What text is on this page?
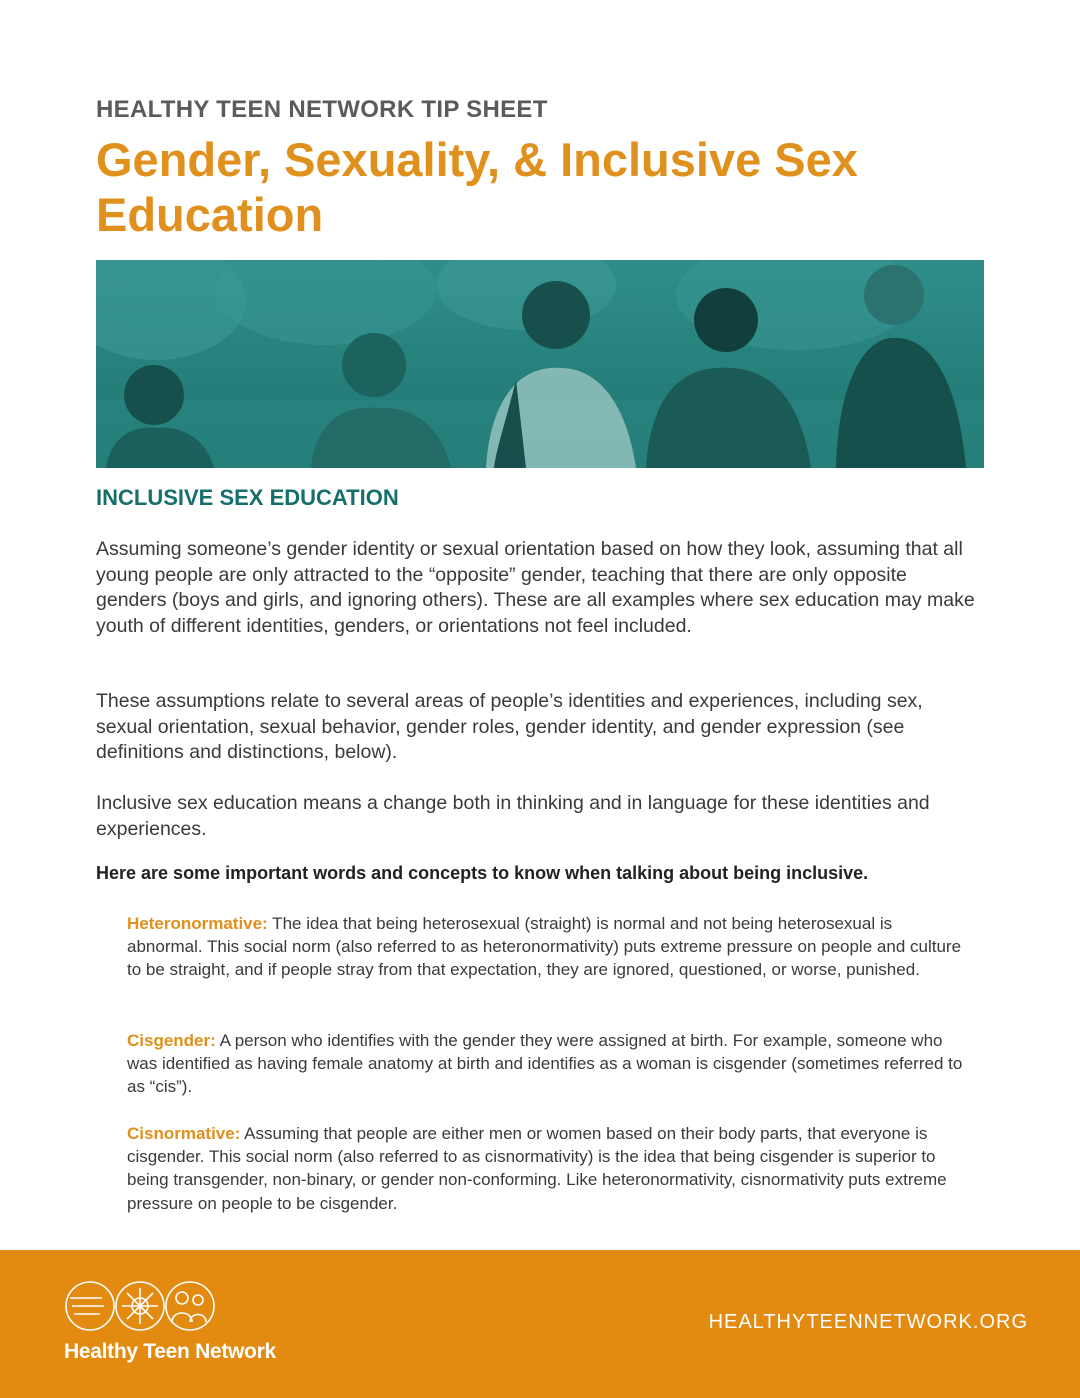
HEALTHY TEEN NETWORK TIP SHEET
Gender, Sexuality, & Inclusive Sex Education
INCLUSIVE SEX EDUCATION

Assuming someone’s gender identity or sexual orientation based on how they look, assuming that all young people are only attracted to the “opposite” gender, teaching that there are only opposite genders (boys and girls, and ignoring others). These are all examples where sex education may make youth of different identities, genders, or orientations not feel included.

These assumptions relate to several areas of people’s identities and experiences, including sex, sexual orientation, sexual behavior, gender roles, gender identity, and gender expression (see definitions and distinctions, below).

Inclusive sex education means a change both in thinking and in language for these identities and experiences.

Here are some important words and concepts to know when talking about being inclusive.

Heteronormative: The idea that being heterosexual (straight) is normal and not being heterosexual is abnormal. This social norm (also referred to as heteronormativity) puts extreme pressure on people and culture to be straight, and if people stray from that expectation, they are ignored, questioned, or worse, punished.

Cisgender: A person who identifies with the gender they were assigned at birth. For example, someone who was identified as having female anatomy at birth and identifies as a woman is cisgender (sometimes referred to as “cis”).

Cisnormative: Assuming that people are either men or women based on their body parts, that everyone is cisgender. This social norm (also referred to as cisnormativity) is the idea that being cisgender is superior to being transgender, non-binary, or gender non-conforming. Like heteronormativity, cisnormativity puts extreme pressure on people to be cisgender.

Healthy Teen Network
HEALTHYTEENNETWORK.ORG
